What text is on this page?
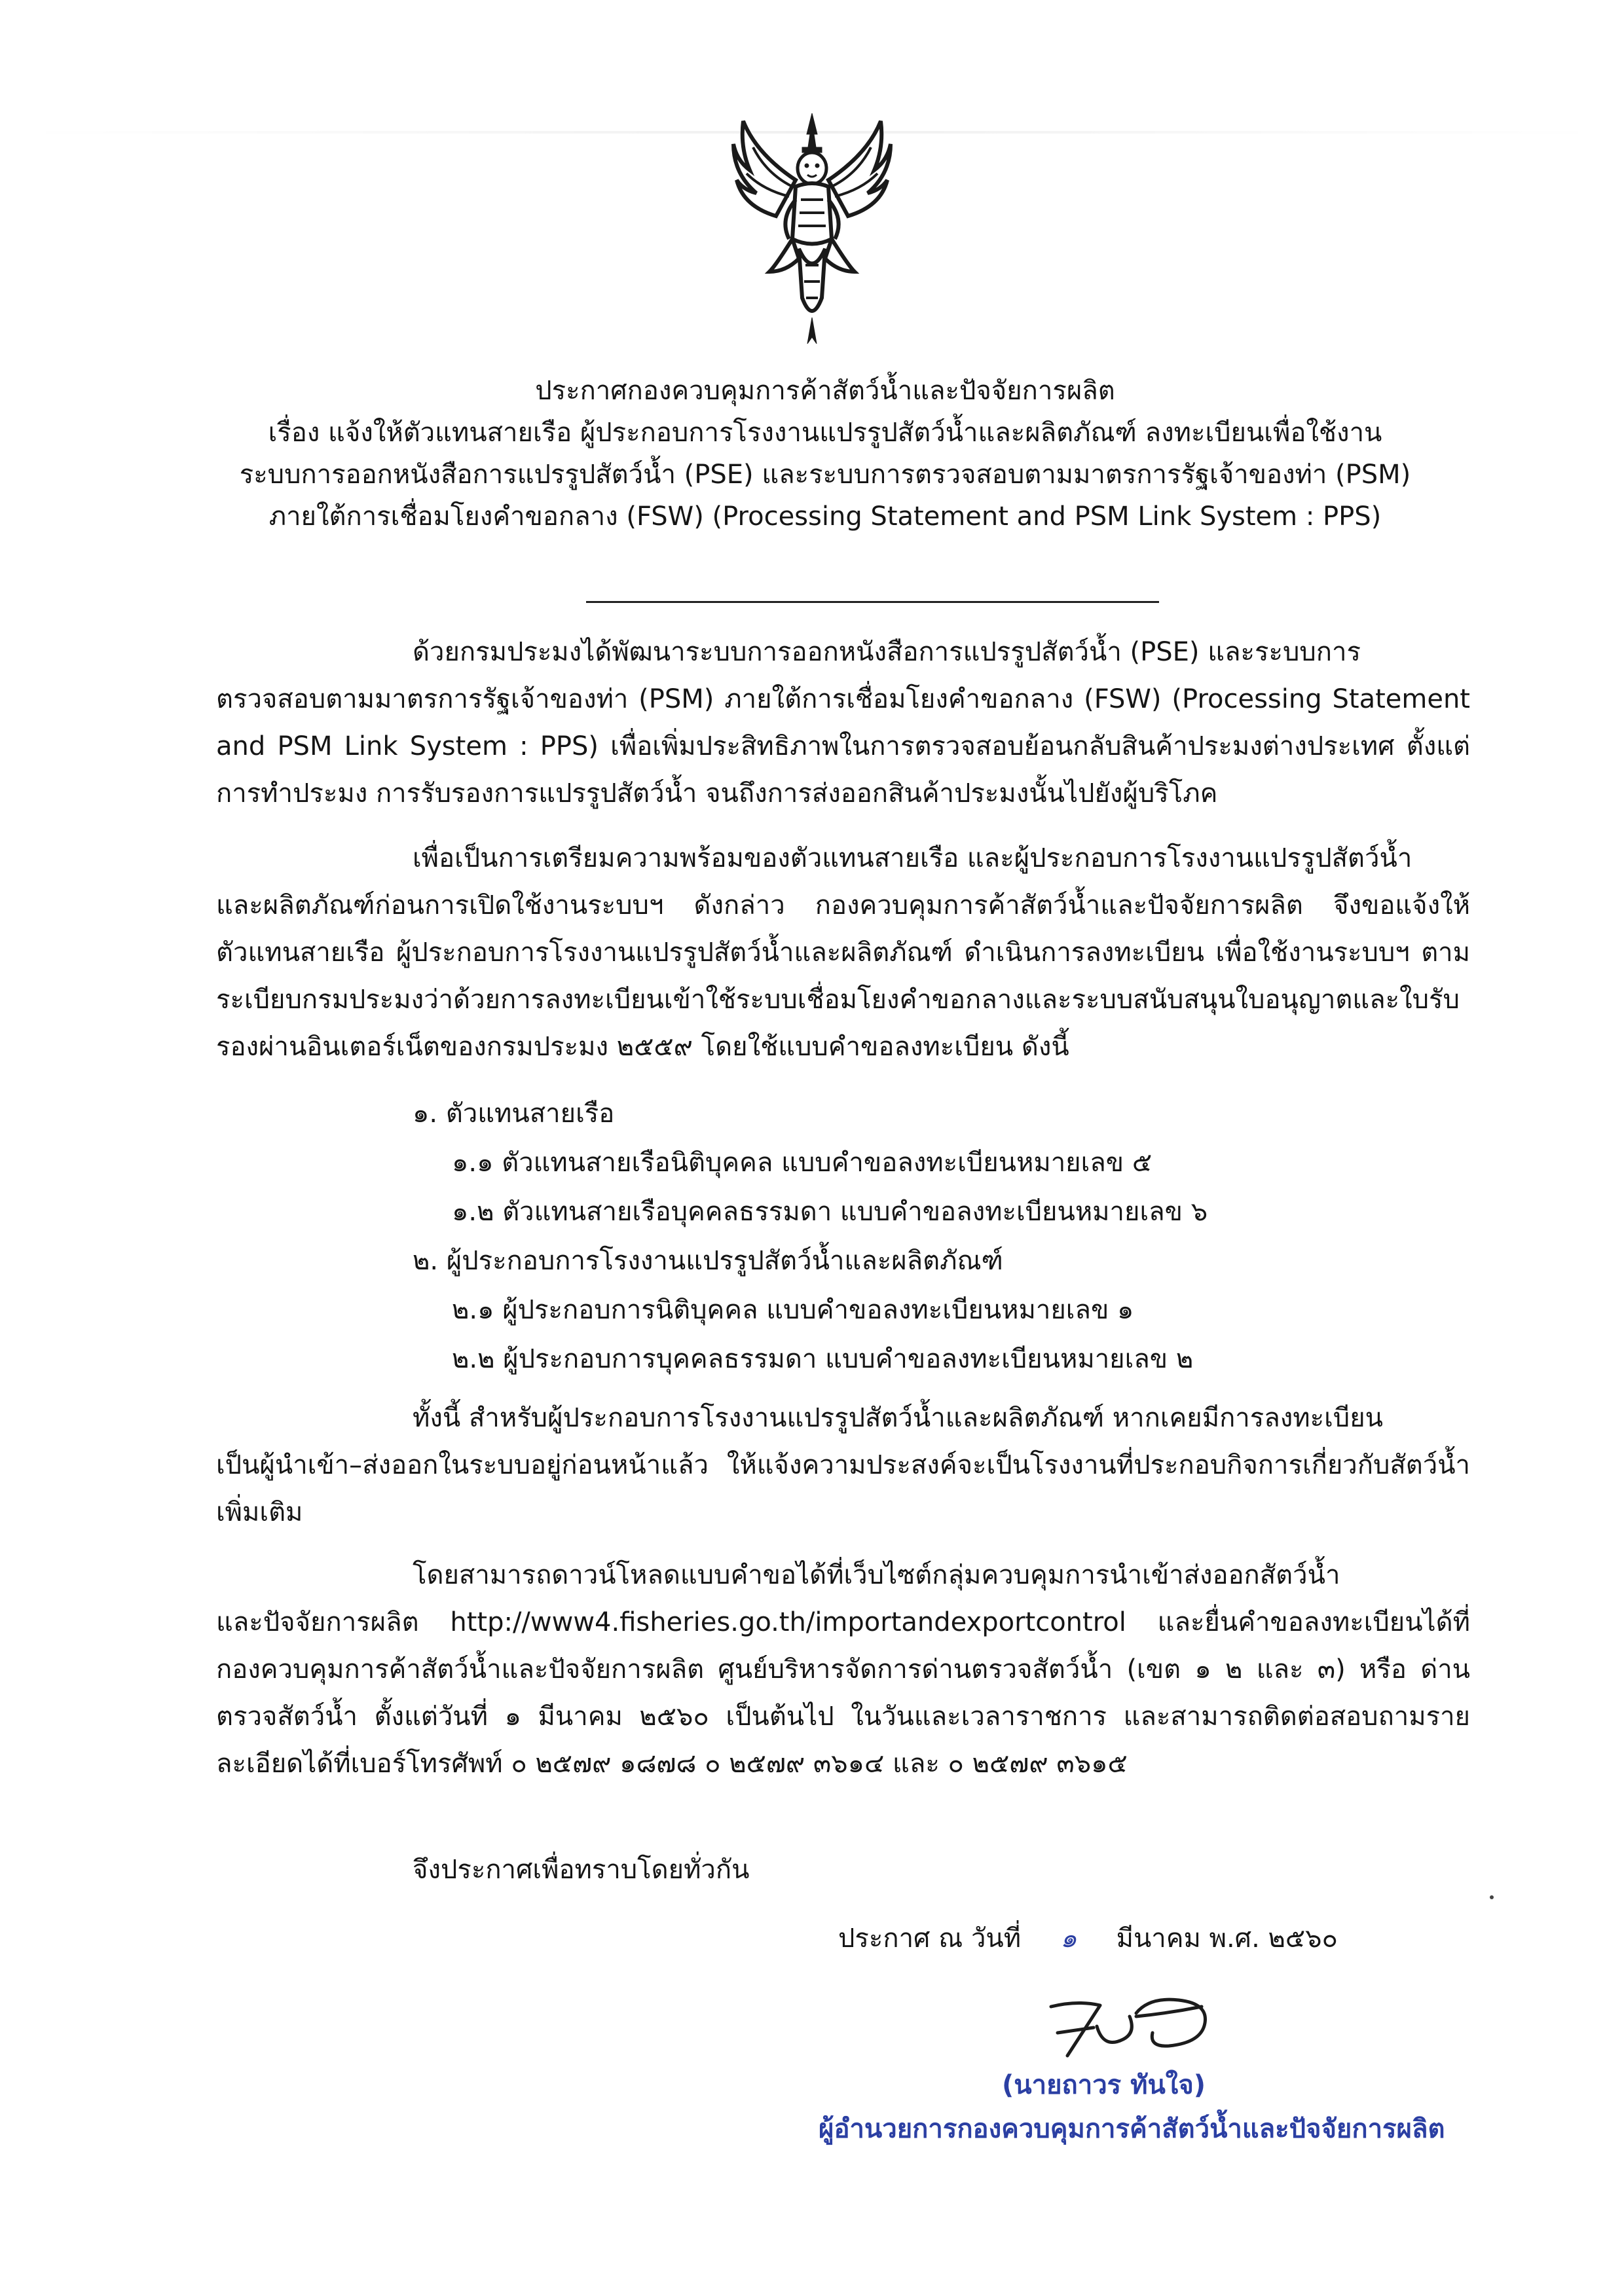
ประกาศกองควบคุมการค้าสัตว์น้ำและปัจจัยการผลิต
เรื่อง แจ้งให้ตัวแทนสายเรือ ผู้ประกอบการโรงงานแปรรูปสัตว์น้ำและผลิตภัณฑ์ ลงทะเบียนเพื่อใช้งาน
ระบบการออกหนังสือการแปรรูปสัตว์น้ำ (PSE) และระบบการตรวจสอบตามมาตรการรัฐเจ้าของท่า (PSM)
ภายใต้การเชื่อมโยงคำขอกลาง (FSW) (Processing Statement and PSM Link System : PPS)
ด้วยกรมประมงได้พัฒนาระบบการออกหนังสือการแปรรูปสัตว์น้ำ (PSE) และระบบการ
ตรวจสอบตามมาตรการรัฐเจ้าของท่า (PSM) ภายใต้การเชื่อมโยงคำขอกลาง (FSW) (Processing Statement and PSM Link System : PPS) เพื่อเพิ่มประสิทธิภาพในการตรวจสอบย้อนกลับสินค้าประมงต่างประเทศ ตั้งแต่การทำประมง การรับรองการแปรรูปสัตว์น้ำ จนถึงการส่งออกสินค้าประมงนั้นไปยังผู้บริโภค
เพื่อเป็นการเตรียมความพร้อมของตัวแทนสายเรือ และผู้ประกอบการโรงงานแปรรูปสัตว์น้ำ
และผลิตภัณฑ์ก่อนการเปิดใช้งานระบบฯ ดังกล่าว กองควบคุมการค้าสัตว์น้ำและปัจจัยการผลิต จึงขอแจ้งให้ตัวแทนสายเรือ ผู้ประกอบการโรงงานแปรรูปสัตว์น้ำและผลิตภัณฑ์ ดำเนินการลงทะเบียน เพื่อใช้งานระบบฯ ตามระเบียบกรมประมงว่าด้วยการลงทะเบียนเข้าใช้ระบบเชื่อมโยงคำขอกลางและระบบสนับสนุนใบอนุญาตและใบรับรองผ่านอินเตอร์เน็ตของกรมประมง ๒๕๕๙ โดยใช้แบบคำขอลงทะเบียน ดังนี้
๑. ตัวแทนสายเรือ
๑.๑ ตัวแทนสายเรือนิติบุคคล แบบคำขอลงทะเบียนหมายเลข ๕
๑.๒ ตัวแทนสายเรือบุคคลธรรมดา แบบคำขอลงทะเบียนหมายเลข ๖
๒. ผู้ประกอบการโรงงานแปรรูปสัตว์น้ำและผลิตภัณฑ์
๒.๑ ผู้ประกอบการนิติบุคคล แบบคำขอลงทะเบียนหมายเลข ๑
๒.๒ ผู้ประกอบการบุคคลธรรมดา แบบคำขอลงทะเบียนหมายเลข ๒
ทั้งนี้ สำหรับผู้ประกอบการโรงงานแปรรูปสัตว์น้ำและผลิตภัณฑ์ หากเคยมีการลงทะเบียน
เป็นผู้นำเข้า–ส่งออกในระบบอยู่ก่อนหน้าแล้ว ให้แจ้งความประสงค์จะเป็นโรงงานที่ประกอบกิจการเกี่ยวกับสัตว์น้ำเพิ่มเติม
โดยสามารถดาวน์โหลดแบบคำขอได้ที่เว็บไซต์กลุ่มควบคุมการนำเข้าส่งออกสัตว์น้ำ
และปัจจัยการผลิต http://www4.fisheries.go.th/importandexportcontrol และยื่นคำขอลงทะเบียนได้ที่ กองควบคุมการค้าสัตว์น้ำและปัจจัยการผลิต ศูนย์บริหารจัดการด่านตรวจสัตว์น้ำ (เขต ๑ ๒ และ ๓) หรือ ด่านตรวจสัตว์น้ำ ตั้งแต่วันที่ ๑ มีนาคม ๒๕๖๐ เป็นต้นไป ในวันและเวลาราชการ และสามารถติดต่อสอบถามรายละเอียดได้ที่เบอร์โทรศัพท์ ๐ ๒๕๗๙ ๑๘๗๘ ๐ ๒๕๗๙ ๓๖๑๔ และ ๐ ๒๕๗๙ ๓๖๑๕
จึงประกาศเพื่อทราบโดยทั่วกัน
ประกาศ ณ วันที่ ๑ มีนาคม พ.ศ. ๒๕๖๐
(นายถาวร ทันใจ)
ผู้อำนวยการกองควบคุมการค้าสัตว์น้ำและปัจจัยการผลิต
